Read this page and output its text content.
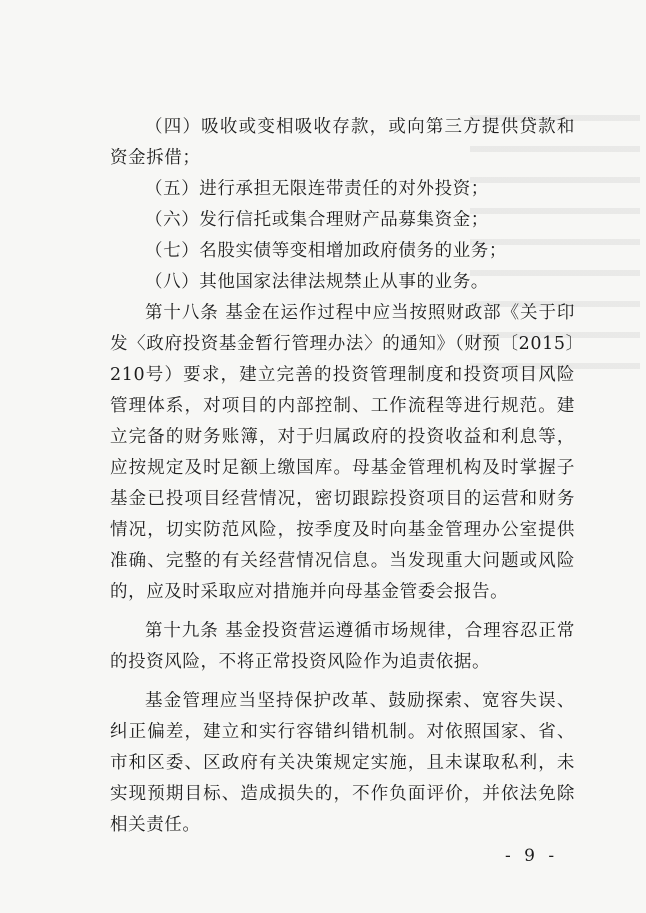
（四）吸收或变相吸收存款，或向第三方提供贷款和资金拆借；

（五）进行承担无限连带责任的对外投资；

（六）发行信托或集合理财产品募集资金；

（七）名股实债等变相增加政府债务的业务；

（八）其他国家法律法规禁止从事的业务。

第十八条 基金在运作过程中应当按照财政部《关于印发〈政府投资基金暂行管理办法〉的通知》（财预〔2015〕210号）要求，建立完善的投资管理制度和投资项目风险管理体系，对项目的内部控制、工作流程等进行规范。建立完备的财务账簿，对于归属政府的投资收益和利息等，应按规定及时足额上缴国库。母基金管理机构及时掌握子基金已投项目经营情况，密切跟踪投资项目的运营和财务情况，切实防范风险，按季度及时向基金管理办公室提供准确、完整的有关经营情况信息。当发现重大问题或风险的，应及时采取应对措施并向母基金管委会报告。

第十九条 基金投资营运遵循市场规律，合理容忍正常的投资风险，不将正常投资风险作为追责依据。

基金管理应当坚持保护改革、鼓励探索、宽容失误、纠正偏差，建立和实行容错纠错机制。对依照国家、省、市和区委、区政府有关决策规定实施，且未谋取私利，未实现预期目标、造成损失的，不作负面评价，并依法免除相关责任。

- 9 -
